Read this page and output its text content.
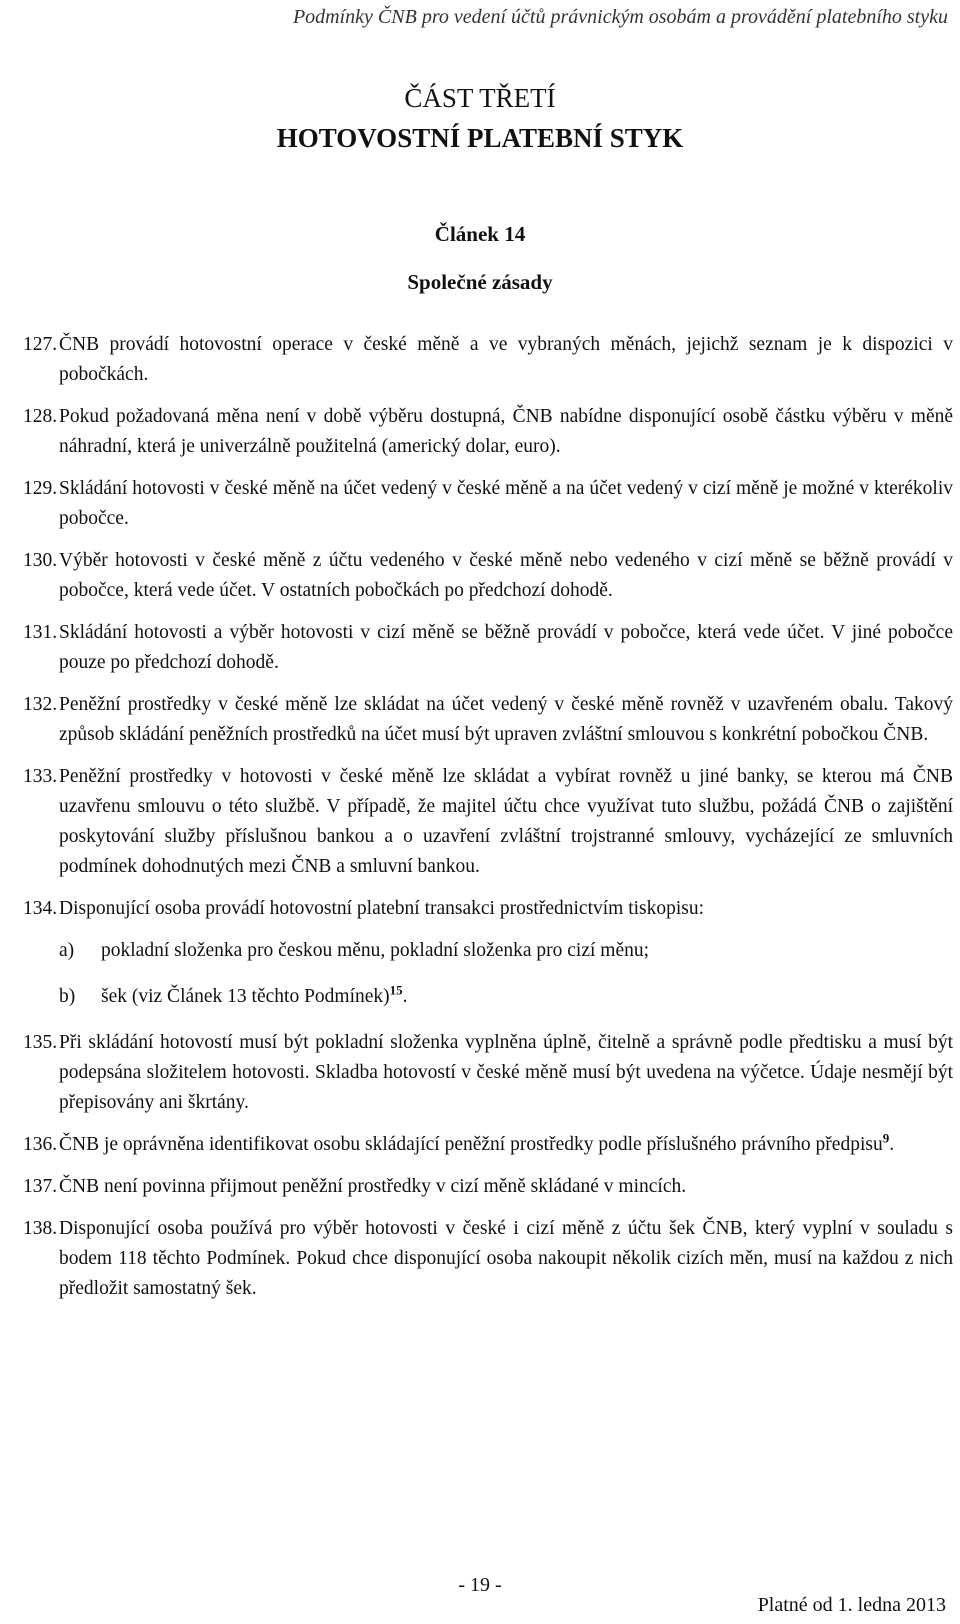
Podmínky ČNB pro vedení účtů právnickým osobám a provádění platebního styku
ČÁST TŘETÍ
HOTOVOSTNÍ PLATEBNÍ STYK
Článek 14
Společné zásady
127. ČNB provádí hotovostní operace v české měně a ve vybraných měnách, jejichž seznam je k dispozici v pobočkách.
128. Pokud požadovaná měna není v době výběru dostupná, ČNB nabídne disponující osobě částku výběru v měně náhradní, která je univerzálně použitelná (americký dolar, euro).
129. Skládání hotovosti v české měně na účet vedený v české měně a na účet vedený v cizí měně je možné v kterékoliv pobočce.
130. Výběr hotovosti v české měně z účtu vedeného v české měně nebo vedeného v cizí měně se běžně provádí v pobočce, která vede účet. V ostatních pobočkách po předchozí dohodě.
131. Skládání hotovosti a výběr hotovosti v cizí měně se běžně provádí v pobočce, která vede účet. V jiné pobočce pouze po předchozí dohodě.
132. Peněžní prostředky v české měně lze skládat na účet vedený v české měně rovněž v uzavřeném obalu. Takový způsob skládání peněžních prostředků na účet musí být upraven zvláštní smlouvou s konkrétní pobočkou ČNB.
133. Peněžní prostředky v hotovosti v české měně lze skládat a vybírat rovněž u jiné banky, se kterou má ČNB uzavřenu smlouvu o této službě. V případě, že majitel účtu chce využívat tuto službu, požádá ČNB o zajištění poskytování služby příslušnou bankou a o uzavření zvláštní trojstranné smlouvy, vycházející ze smluvních podmínek dohodnutých mezi ČNB a smluvní bankou.
134. Disponující osoba provádí hotovostní platební transakci prostřednictvím tiskopisu:
a) pokladní složenka pro českou měnu, pokladní složenka pro cizí měnu;
b) šek (viz Článek 13 těchto Podmínek)$^{15}$.
135. Při skládání hotovostí musí být pokladní složenka vyplněna úplně, čitelně a správně podle předtisku a musí být podepsána složitelem hotovosti. Skladba hotovostí v české měně musí být uvedena na výčetce. Údaje nesmějí být přepisovány ani škrtány.
136. ČNB je oprávněna identifikovat osobu skládající peněžní prostředky podle příslušného právního předpisu$^9$.
137. ČNB není povinna přijmout peněžní prostředky v cizí měně skládané v mincích.
138. Disponující osoba používá pro výběr hotovosti v české i cizí měně z účtu šek ČNB, který vyplní v souladu s bodem 118 těchto Podmínek. Pokud chce disponující osoba nakoupit několik cizích měn, musí na každou z nich předložit samostatný šek.
- 19 -
Platné od 1. ledna 2013
